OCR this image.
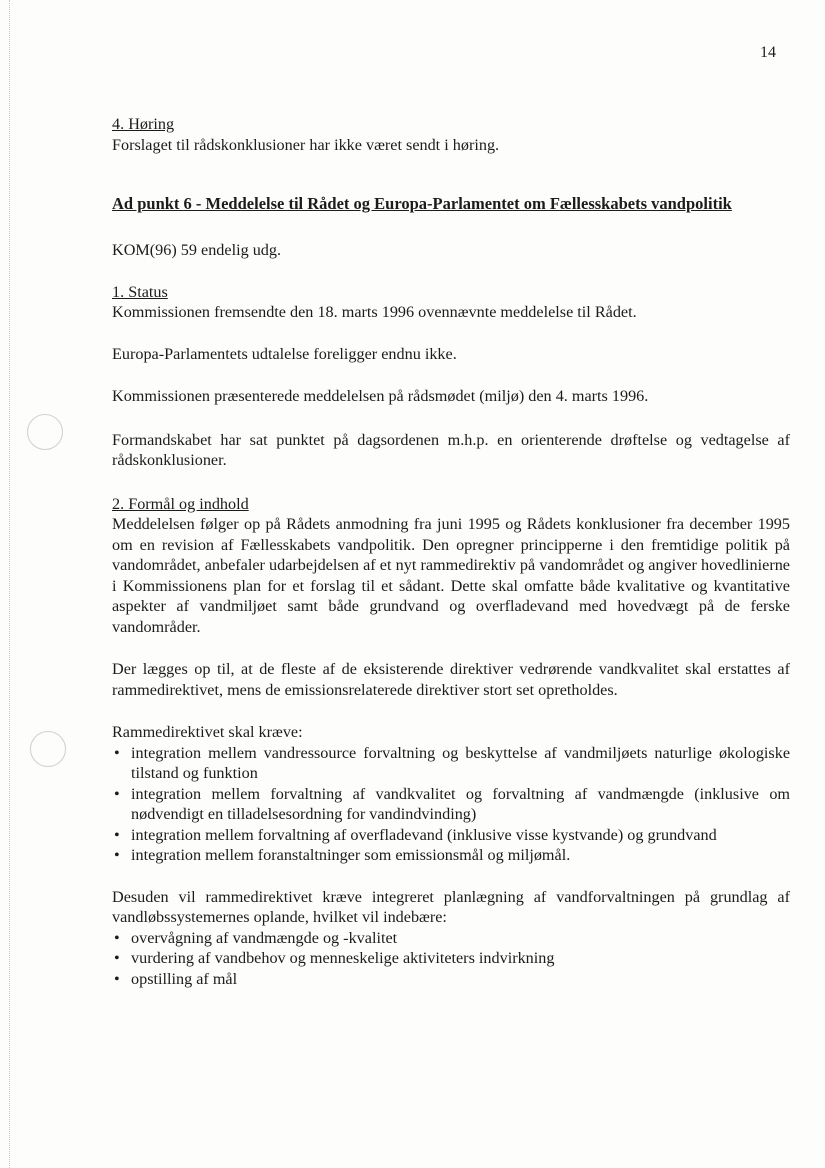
14

4. Høring

Forslaget til rådskonklusioner har ikke været sendt i høring.

Ad punkt 6 - Meddelelse til Rådet og Europa-Parlamentet om Fællesskabets vandpolitik

KOM(96) 59 endelig udg.

1. Status

Kommissionen fremsendte den 18. marts 1996 ovennævnte meddelelse til Rådet.

Europa-Parlamentets udtalelse foreligger endnu ikke.

Kommissionen præsenterede meddelelsen på rådsmødet (miljø) den 4. marts 1996.

Formandskabet har sat punktet på dagsordenen m.h.p. en orienterende drøftelse og vedtagelse af rådskonklusioner.

2. Formål og indhold

Meddelelsen følger op på Rådets anmodning fra juni 1995 og Rådets konklusioner fra december 1995 om en revision af Fællesskabets vandpolitik. Den opregner principperne i den fremtidige politik på vandområdet, anbefaler udarbejdelsen af et nyt rammedirektiv på vandområdet og angiver hovedlinierne i Kommissionens plan for et forslag til et sådant. Dette skal omfatte både kvalitative og kvantitative aspekter af vandmiljøet samt både grundvand og overfladevand med hovedvægt på de ferske vandområder.

Der lægges op til, at de fleste af de eksisterende direktiver vedrørende vandkvalitet skal erstattes af rammedirektivet, mens de emissionsrelaterede direktiver stort set opretholdes.

Rammedirektivet skal kræve:

• integration mellem vandressource forvaltning og beskyttelse af vandmiljøets naturlige økologiske tilstand og funktion
• integration mellem forvaltning af vandkvalitet og forvaltning af vandmængde (inklusive om nødvendigt en tilladelsesordning for vandindvinding)
• integration mellem forvaltning af overfladevand (inklusive visse kystvande) og grundvand
• integration mellem foranstaltninger som emissionsmål og miljømål.

Desuden vil rammedirektivet kræve integreret planlægning af vandforvaltningen på grundlag af vandløbssystemernes oplande, hvilket vil indebære:

• overvågning af vandmængde og -kvalitet
• vurdering af vandbehov og menneskelige aktiviteters indvirkning
• opstilling af mål
